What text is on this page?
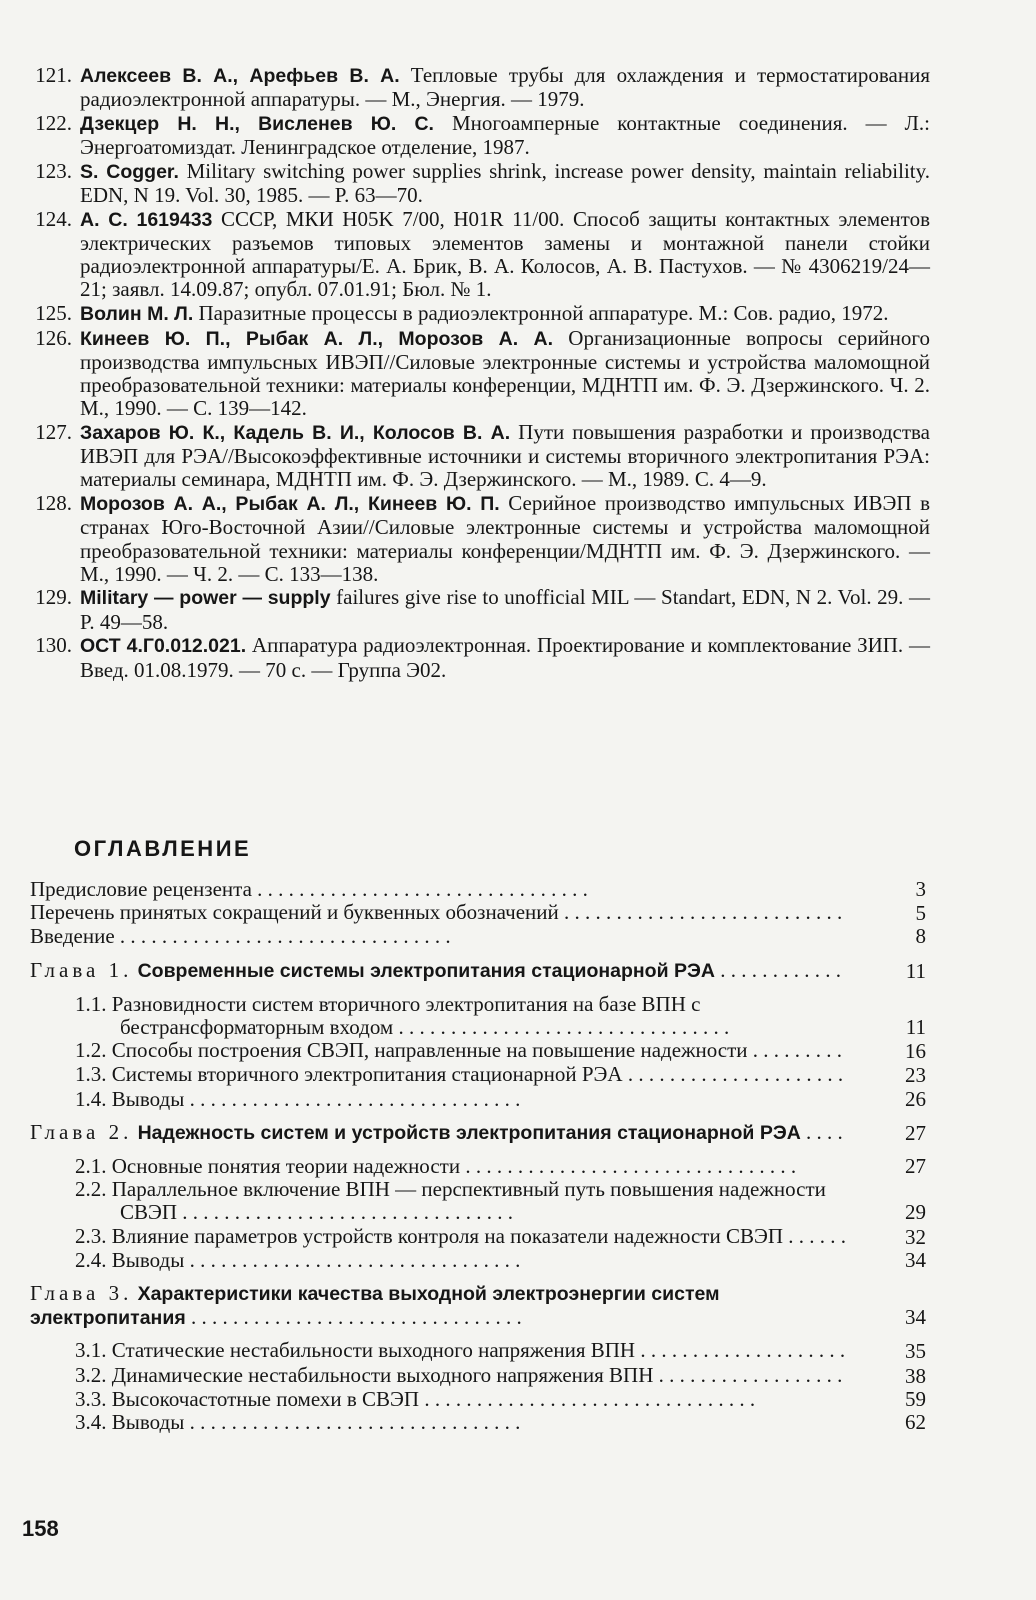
121. Алексеев В. А., Арефьев В. А. Тепловые трубы для охлаждения и термостатирования радиоэлектронной аппаратуры. — М., Энергия. — 1979.
122. Дзекцер Н. Н., Висленев Ю. С. Многоамперные контактные соединения. — Л.: Энергоатомиздат. Ленинградское отделение, 1987.
123. S. Cogger. Military switching power supplies shrink, increase power density, maintain reliability. EDN, N 19. Vol. 30, 1985. — P. 63—70.
124. А. С. 1619433 СССР, МКИ H05K 7/00, H01R 11/00. Способ защиты контактных элементов электрических разъемов типовых элементов замены и монтажной панели стойки радиоэлектронной аппаратуры/Е. А. Брик, В. А. Колосов, А. В. Пастухов. — № 4306219/24—21; заявл. 14.09.87; опубл. 07.01.91; Бюл. № 1.
125. Волин М. Л. Паразитные процессы в радиоэлектронной аппаратуре. М.: Сов. радио, 1972.
126. Кинеев Ю. П., Рыбак А. Л., Морозов А. А. Организационные вопросы серийного производства импульсных ИВЭП//Силовые электронные системы и устройства маломощной преобразовательной техники: материалы конференции, МДНТП им. Ф. Э. Дзержинского. Ч. 2. М., 1990. — С. 139—142.
127. Захаров Ю. К., Кадель В. И., Колосов В. А. Пути повышения разработки и производства ИВЭП для РЭА//Высокоэффективные источники и системы вторичного электропитания РЭА: материалы семинара, МДНТП им. Ф. Э. Дзержинского. — М., 1989. С. 4—9.
128. Морозов А. А., Рыбак А. Л., Кинеев Ю. П. Серийное производство импульсных ИВЭП в странах Юго-Восточной Азии//Силовые электронные системы и устройства маломощной преобразовательной техники: материалы конференции/МДНТП им. Ф. Э. Дзержинского. — М., 1990. — Ч. 2. — С. 133—138.
129. Military — power — supply failures give rise to unofficial MIL — Standart, EDN, N 2. Vol. 29. — P. 49—58.
130. ОСТ 4.Г0.012.021. Аппаратура радиоэлектронная. Проектирование и комплектование ЗИП. — Введ. 01.08.1979. — 70 с. — Группа Э02.
ОГЛАВЛЕНИЕ
Предисловие рецензента . .	3
Перечень принятых сокращений и буквенных обозначений . .	5
Введение . .	8
Глава 1. Современные системы электропитания стационарной РЭА . .	11
1.1. Разновидности систем вторичного электропитания на базе ВПН с бестрансформаторным входом . .	11
1.2. Способы построения СВЭП, направленные на повышение надежности . .	16
1.3. Системы вторичного электропитания стационарной РЭА . .	23
1.4. Выводы . .	26
Глава 2. Надежность систем и устройств электропитания стационарной РЭА . .	27
2.1. Основные понятия теории надежности . .	27
2.2. Параллельное включение ВПН — перспективный путь повышения надежности СВЭП . .	29
2.3. Влияние параметров устройств контроля на показатели надежности СВЭП . .	32
2.4. Выводы . .	34
Глава 3. Характеристики качества выходной электроэнергии систем электропитания . .	34
3.1. Статические нестабильности выходного напряжения ВПН . .	35
3.2. Динамические нестабильности выходного напряжения ВПН . .	38
3.3. Высокочастотные помехи в СВЭП . .	59
3.4. Выводы . .	62
158
